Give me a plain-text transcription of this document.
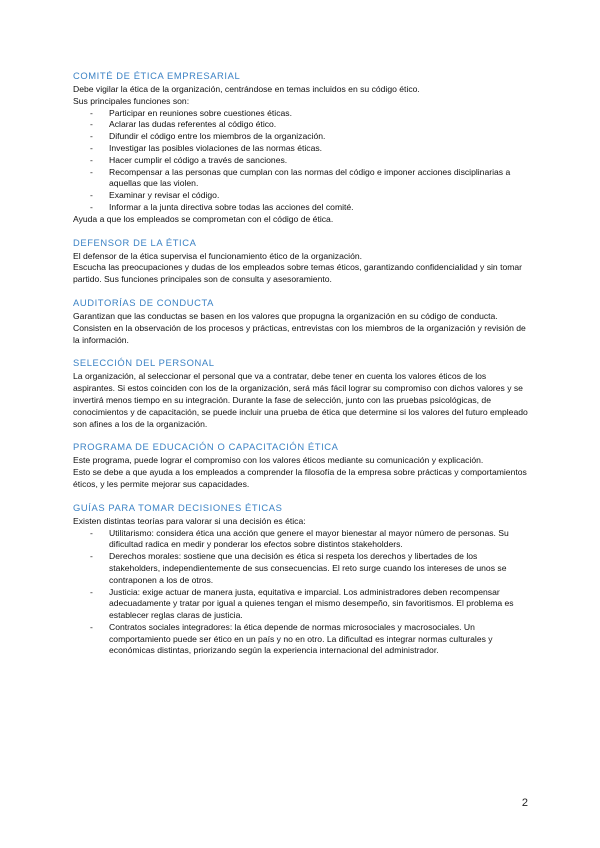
COMITÉ DE ÉTICA EMPRESARIAL

Debe vigilar la ética de la organización, centrándose en temas incluidos en su código ético.

Sus principales funciones son:

- Participar en reuniones sobre cuestiones éticas.
- Aclarar las dudas referentes al código ético.
- Difundir el código entre los miembros de la organización.
- Investigar las posibles violaciones de las normas éticas.
- Hacer cumplir el código a través de sanciones.
- Recompensar a las personas que cumplan con las normas del código e imponer acciones disciplinarias a aquellas que las violen.
- Examinar y revisar el código.
- Informar a la junta directiva sobre todas las acciones del comité.

Ayuda a que los empleados se comprometan con el código de ética.

DEFENSOR DE LA ÉTICA

El defensor de la ética supervisa el funcionamiento ético de la organización.

Escucha las preocupaciones y dudas de los empleados sobre temas éticos, garantizando confidencialidad y sin tomar partido. Sus funciones principales son de consulta y asesoramiento.

AUDITORÍAS DE CONDUCTA

Garantizan que las conductas se basen en los valores que propugna la organización en su código de conducta. Consisten en la observación de los procesos y prácticas, entrevistas con los miembros de la organización y revisión de la información.

SELECCIÓN DEL PERSONAL

La organización, al seleccionar el personal que va a contratar, debe tener en cuenta los valores éticos de los aspirantes. Si estos coinciden con los de la organización, será más fácil lograr su compromiso con dichos valores y se invertirá menos tiempo en su integración. Durante la fase de selección, junto con las pruebas psicológicas, de conocimientos y de capacitación, se puede incluir una prueba de ética que determine si los valores del futuro empleado son afines a los de la organización.

PROGRAMA DE EDUCACIÓN O CAPACITACIÓN ÉTICA

Este programa, puede lograr el compromiso con los valores éticos mediante su comunicación y explicación.

Esto se debe a que ayuda a los empleados a comprender la filosofía de la empresa sobre prácticas y comportamientos éticos, y les permite mejorar sus capacidades.

GUÍAS PARA TOMAR DECISIONES ÉTICAS

Existen distintas teorías para valorar si una decisión es ética:

- Utilitarismo: considera ética una acción que genere el mayor bienestar al mayor número de personas. Su dificultad radica en medir y ponderar los efectos sobre distintos stakeholders.
- Derechos morales: sostiene que una decisión es ética si respeta los derechos y libertades de los stakeholders, independientemente de sus consecuencias. El reto surge cuando los intereses de unos se contraponen a los de otros.
- Justicia: exige actuar de manera justa, equitativa e imparcial. Los administradores deben recompensar adecuadamente y tratar por igual a quienes tengan el mismo desempeño, sin favoritismos. El problema es establecer reglas claras de justicia.
- Contratos sociales integradores: la ética depende de normas microsociales y macrosociales. Un comportamiento puede ser ético en un país y no en otro. La dificultad es integrar normas culturales y económicas distintas, priorizando según la experiencia internacional del administrador.
2
